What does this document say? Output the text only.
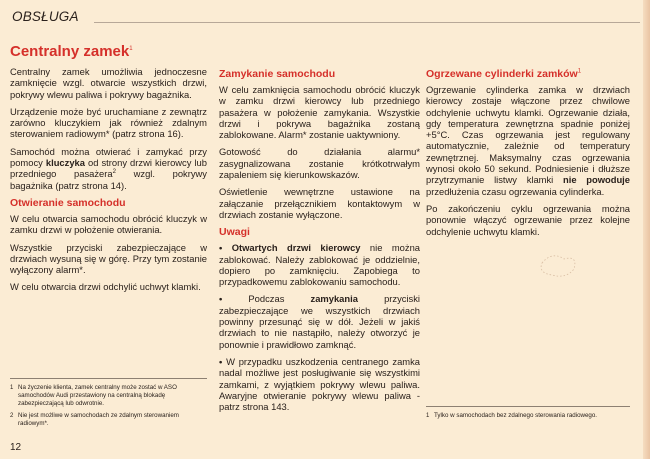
OBSŁUGA
Centralny zamek$^1$

Centralny zamek umożliwia jednoczesne zamknięcie wzgl. otwarcie wszystkich drzwi, pokrywy wlewu paliwa i pokrywy bagażnika.

Urządzenie może być uruchamiane z zewnątrz zarówno kluczykiem jak również zdalnym sterowaniem radiowym* (patrz strona 16).

Samochód można otwierać i zamykać przy pomocy kluczyka od strony drzwi kierowcy lub przedniego pasażera$^2$ wzgl. pokrywy bagażnika (patrz strona 14).

Otwieranie samochodu

W celu otwarcia samochodu obrócić kluczyk w zamku drzwi w położenie otwierania.

Wszystkie przyciski zabezpieczające w drzwiach wysuną się w górę. Przy tym zostanie wyłączony alarm*.

W celu otwarcia drzwi odchylić uchwyt klamki.

1 Na życzenie klienta, zamek centralny może zostać w ASO samochodów Audi przestawiony na centralną blokadę zabezpieczającą lub odwrotnie.
2 Nie jest możliwe w samochodach ze zdalnym sterowaniem radiowym*.
Zamykanie samochodu

W celu zamknięcia samochodu obrócić kluczyk w zamku drzwi kierowcy lub przedniego pasażera w położenie zamykania. Wszystkie drzwi i pokrywa bagażnika zostaną zablokowane. Alarm* zostanie uaktywniony.

Gotowość do działania alarmu* zasygnalizowana zostanie krótkotrwałym zapaleniem się kierunkowskazów.

Oświetlenie wewnętrzne ustawione na załączanie przełącznikiem kontaktowym w drzwiach zostanie wyłączone.

Uwagi

• Otwartych drzwi kierowcy nie można zablokować. Należy zablokować je oddzielnie, dopiero po zamknięciu. Zapobiega to przypadkowemu zablokowaniu samochodu.

• Podczas zamykania przyciski zabezpieczające we wszystkich drzwiach powinny przesunąć się w dół. Jeżeli w jakiś drzwiach to nie nastąpiło, należy otworzyć je ponownie i prawidłowo zamknąć.

• W przypadku uszkodzenia centranego zamka nadal możliwe jest posługiwanie się wszystkimi zamkami, z wyjątkiem pokrywy wlewu paliwa. Awaryjne otwieranie pokrywy wlewu paliwa - patrz strona 143.

Ogrzewane cylinderki zamków$^1$

Ogrzewanie cylinderka zamka w drzwiach kierowcy zostaje włączone przez chwilowe odchylenie uchwytu klamki. Ogrzewanie działa, gdy temperatura zewnętrzna spadnie poniżej +5°C. Czas ogrzewania jest regulowany automatycznie, zależnie od temperatury zewnętrznej. Maksymalny czas ogrzewania wynosi około 50 sekund. Podniesienie i dłuższe przytrzymanie listwy klamki nie powoduje przedłużenia czasu ogrzewania cylinderka.

Po zakończeniu cyklu ogrzewania można ponownie włączyć ogrzewanie przez kolejne odchylenie uchwytu klamki.

1 Tylko w samochodach bez zdalnego sterowania radiowego.
12
